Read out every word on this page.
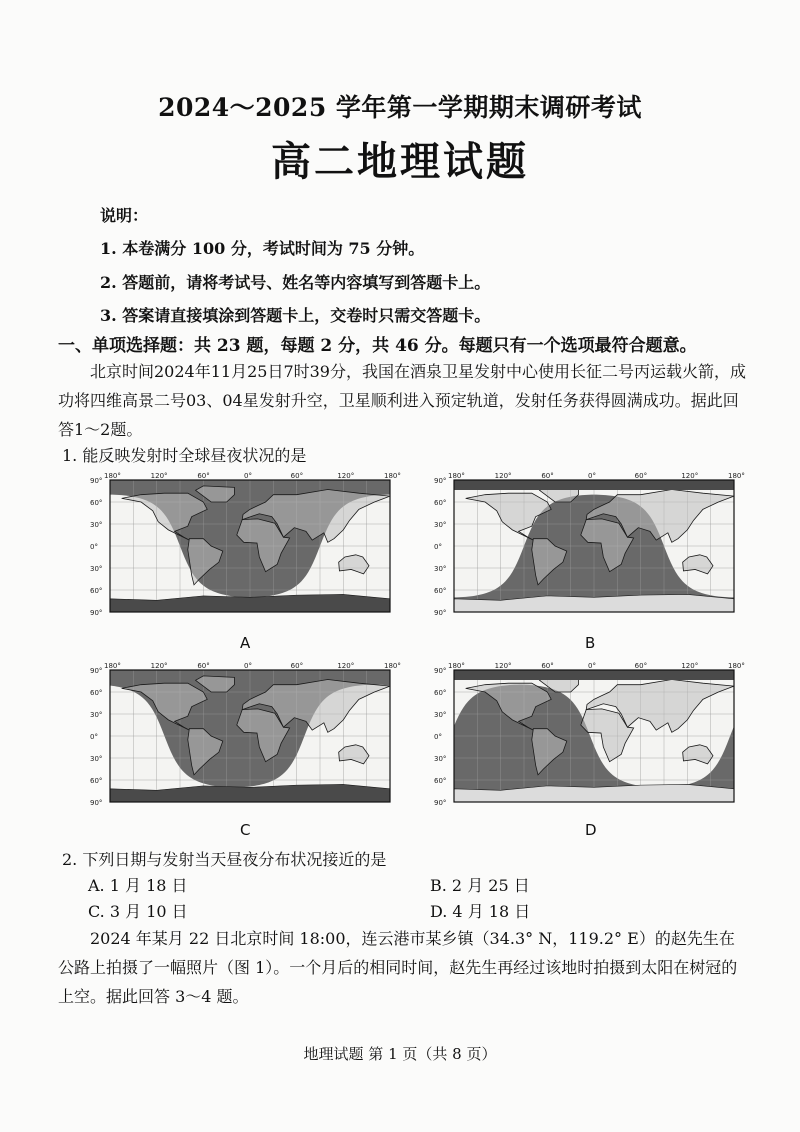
2024～2025 学年第一学期期末调研考试
高二地理试题
说明：
1. 本卷满分 100 分，考试时间为 75 分钟。
2. 答题前，请将考试号、姓名等内容填写到答题卡上。
3. 答案请直接填涂到答题卡上，交卷时只需交答题卡。
一、单项选择题：共 23 题，每题 2 分，共 46 分。每题只有一个选项最符合题意。
北京时间2024年11月25日7时39分，我国在酒泉卫星发射中心使用长征二号丙运载火箭，成功将四维高景二号03、04星发射升空，卫星顺利进入预定轨道，发射任务获得圆满成功。据此回答1～2题。
1. 能反映发射时全球昼夜状况的是
180°	120°	60°	0°	60°	120°	180°
90°
60°
30°
0°
30°
60°
90°
180°	120°	60°	0°	60°	120°	180°
90°
60°
30°
0°
30°
60°
90°
180°	120°	60°	0°	60°	120°	180°
90°
60°
30°
0°
30°
60°
90°
180°	120°	60°	0°	60°	120°	180°
90°
60°
30°
0°
30°
60°
90°
A	B
C	D
2. 下列日期与发射当天昼夜分布状况接近的是
A. 1 月 18 日	B. 2 月 25 日
C. 3 月 10 日	D. 4 月 18 日
2024 年某月 22 日北京时间 18:00，连云港市某乡镇（34.3° N，119.2° E）的赵先生在公路上拍摄了一幅照片（图 1）。一个月后的相同时间，赵先生再经过该地时拍摄到太阳在树冠的上空。据此回答 3～4 题。
地理试题 第 1 页（共 8 页）
